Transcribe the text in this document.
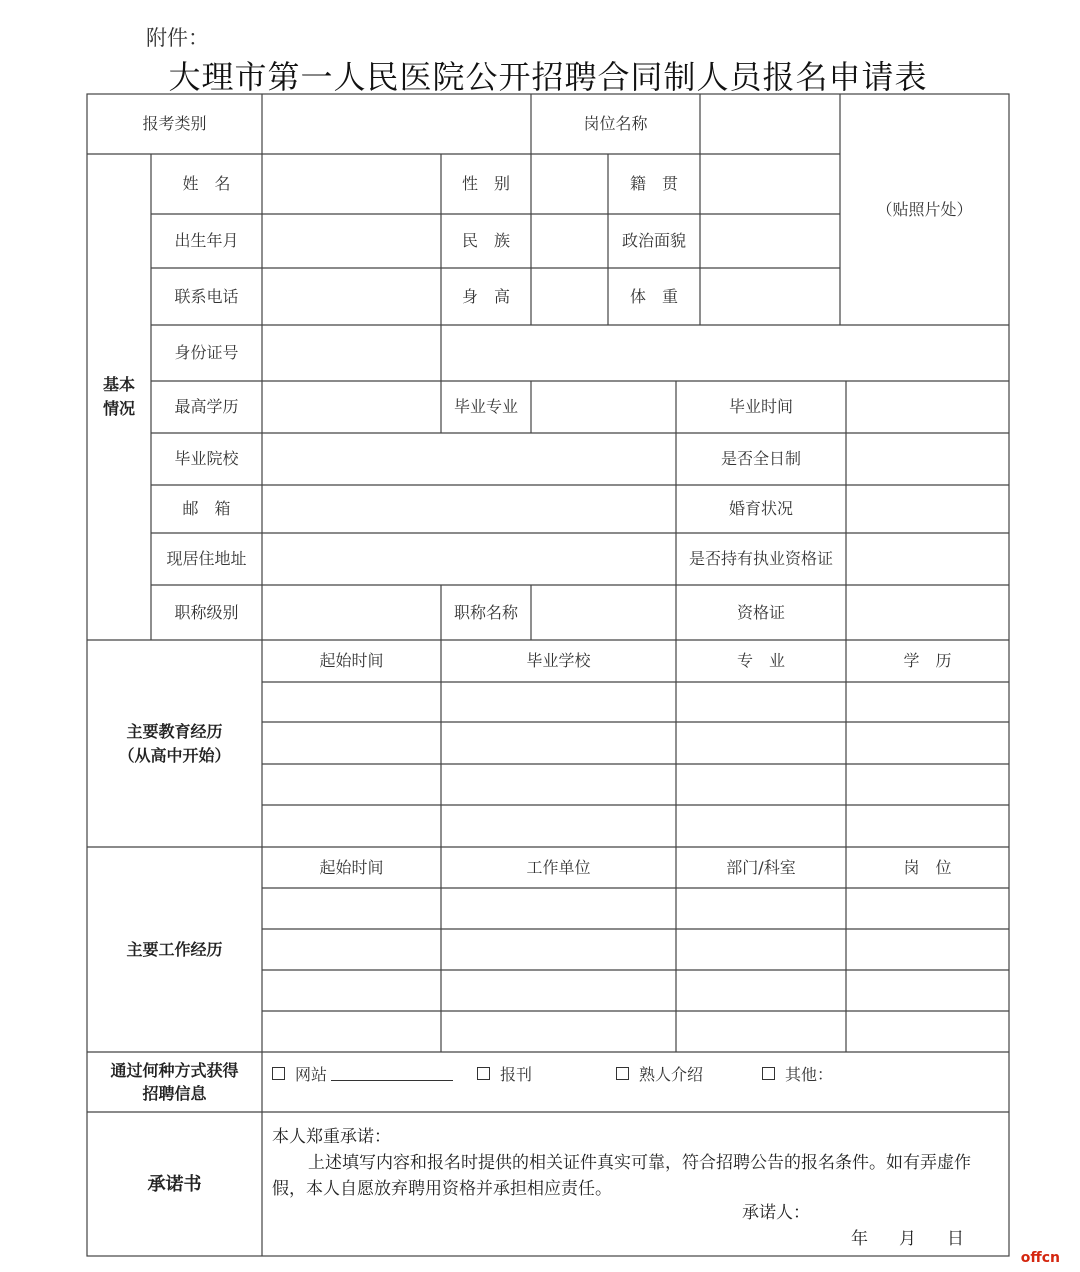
附件：
大理市第一人民医院公开招聘合同制人员报名申请表
报考类别	岗位名称
（贴照片处）
基本
情况
姓　名	性　别	籍　贯
出生年月	民　族	政治面貌
联系电话	身　高	体　重
身份证号
最高学历	毕业专业	毕业时间
毕业院校	是否全日制
邮　箱	婚育状况
现居住地址	是否持有执业资格证
职称级别	职称名称	资格证
主要教育经历
（从高中开始）
起始时间	毕业学校	专　业	学　历
主要工作经历
起始时间	工作单位	部门/科室	岗　位
通过何种方式获得
招聘信息
网站	报刊	熟人介绍	其他：
承诺书
本人郑重承诺：

上述填写内容和报名时提供的相关证件真实可靠，符合招聘公告的报名条件。如有弄虚作假，本人自愿放弃聘用资格并承担相应责任。

承诺人：
年 月 日
offcn
